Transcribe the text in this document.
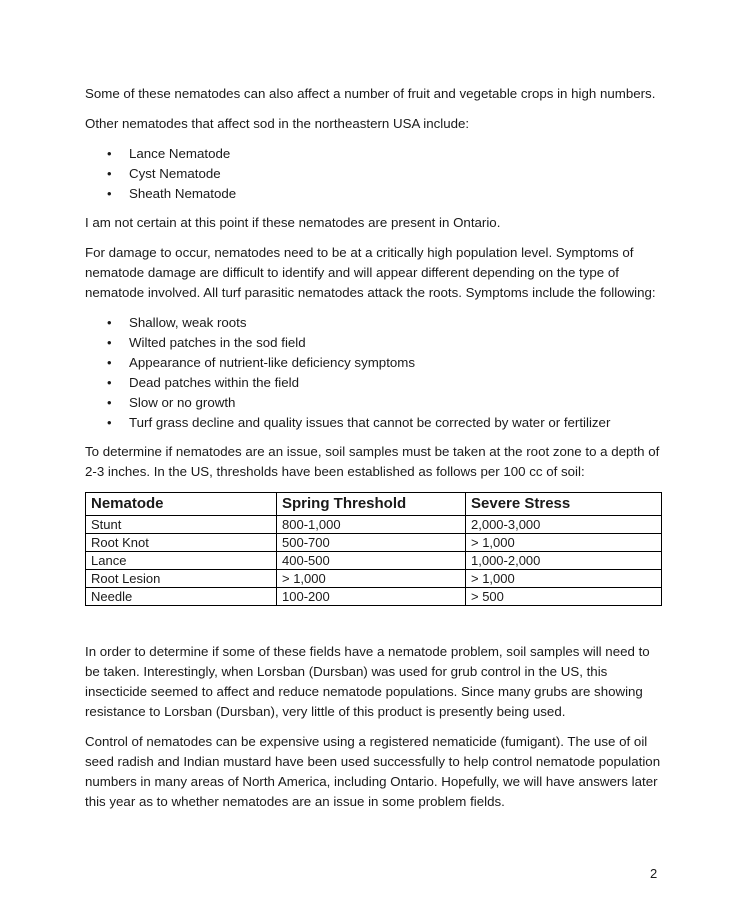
Some of these nematodes can also affect a number of fruit and vegetable crops in high numbers.

Other nematodes that affect sod in the northeastern USA include:

• Lance Nematode
• Cyst Nematode
• Sheath Nematode

I am not certain at this point if these nematodes are present in Ontario.

For damage to occur, nematodes need to be at a critically high population level. Symptoms of nematode damage are difficult to identify and will appear different depending on the type of nematode involved. All turf parasitic nematodes attack the roots. Symptoms include the following:

• Shallow, weak roots
• Wilted patches in the sod field
• Appearance of nutrient-like deficiency symptoms
• Dead patches within the field
• Slow or no growth
• Turf grass decline and quality issues that cannot be corrected by water or fertilizer

To determine if nematodes are an issue, soil samples must be taken at the root zone to a depth of 2-3 inches. In the US, thresholds have been established as follows per 100 cc of soil:

Nematode	Spring Threshold	Severe Stress
Stunt	800-1,000	2,000-3,000
Root Knot	500-700	> 1,000
Lance	400-500	1,000-2,000
Root Lesion	> 1,000	> 1,000
Needle	100-200	> 500

In order to determine if some of these fields have a nematode problem, soil samples will need to be taken. Interestingly, when Lorsban (Dursban) was used for grub control in the US, this insecticide seemed to affect and reduce nematode populations. Since many grubs are showing resistance to Lorsban (Dursban), very little of this product is presently being used.

Control of nematodes can be expensive using a registered nematicide (fumigant). The use of oil seed radish and Indian mustard have been used successfully to help control nematode population numbers in many areas of North America, including Ontario. Hopefully, we will have answers later this year as to whether nematodes are an issue in some problem fields.

2
